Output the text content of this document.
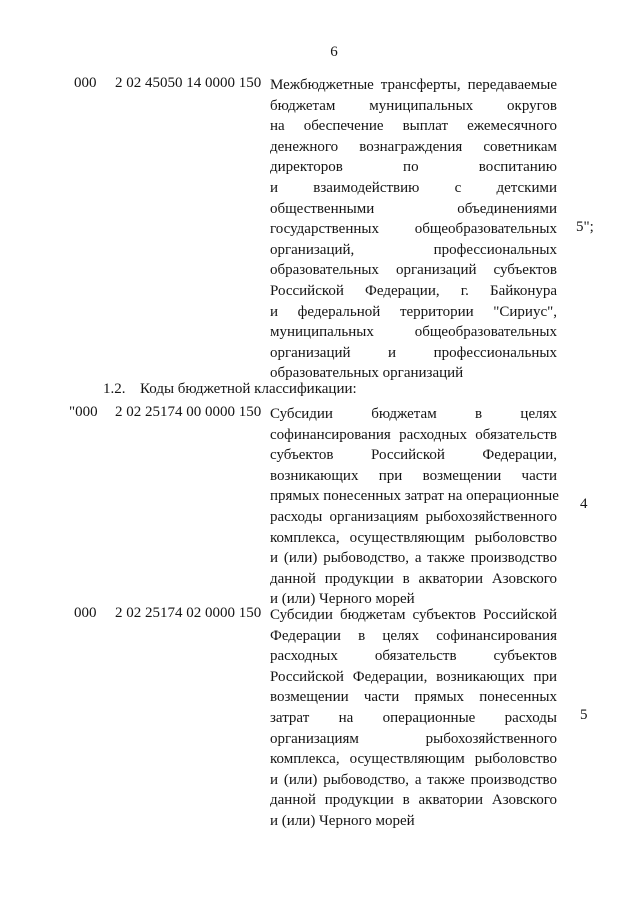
6
000 2 02 45050 14 0000 150 Межбюджетные трансферты, передаваемые
бюджетам муниципальных округов
на обеспечение выплат ежемесячного
денежного вознаграждения советникам
директоров по воспитанию
и взаимодействию с детскими
общественными объединениями
государственных общеобразовательных
организаций, профессиональных
образовательных организаций субъектов
Российской Федерации, г. Байконура
и федеральной территории "Сириус",
муниципальных общеобразовательных
организаций и профессиональных
образовательных организаций
5";
1.2. Коды бюджетной классификации:
"000 2 02 25174 00 0000 150 Субсидии бюджетам в целях
софинансирования расходных обязательств
субъектов Российской Федерации,
возникающих при возмещении части
прямых понесенных затрат на операционные
расходы организациям рыбохозяйственного
комплекса, осуществляющим рыболовство
и (или) рыбоводство, а также производство
данной продукции в акватории Азовского
и (или) Черного морей
4
000 2 02 25174 02 0000 150 Субсидии бюджетам субъектов Российской
Федерации в целях софинансирования
расходных обязательств субъектов
Российской Федерации, возникающих при
возмещении части прямых понесенных
затрат на операционные расходы
организациям рыбохозяйственного
комплекса, осуществляющим рыболовство
и (или) рыбоводство, а также производство
данной продукции в акватории Азовского
и (или) Черного морей
5
